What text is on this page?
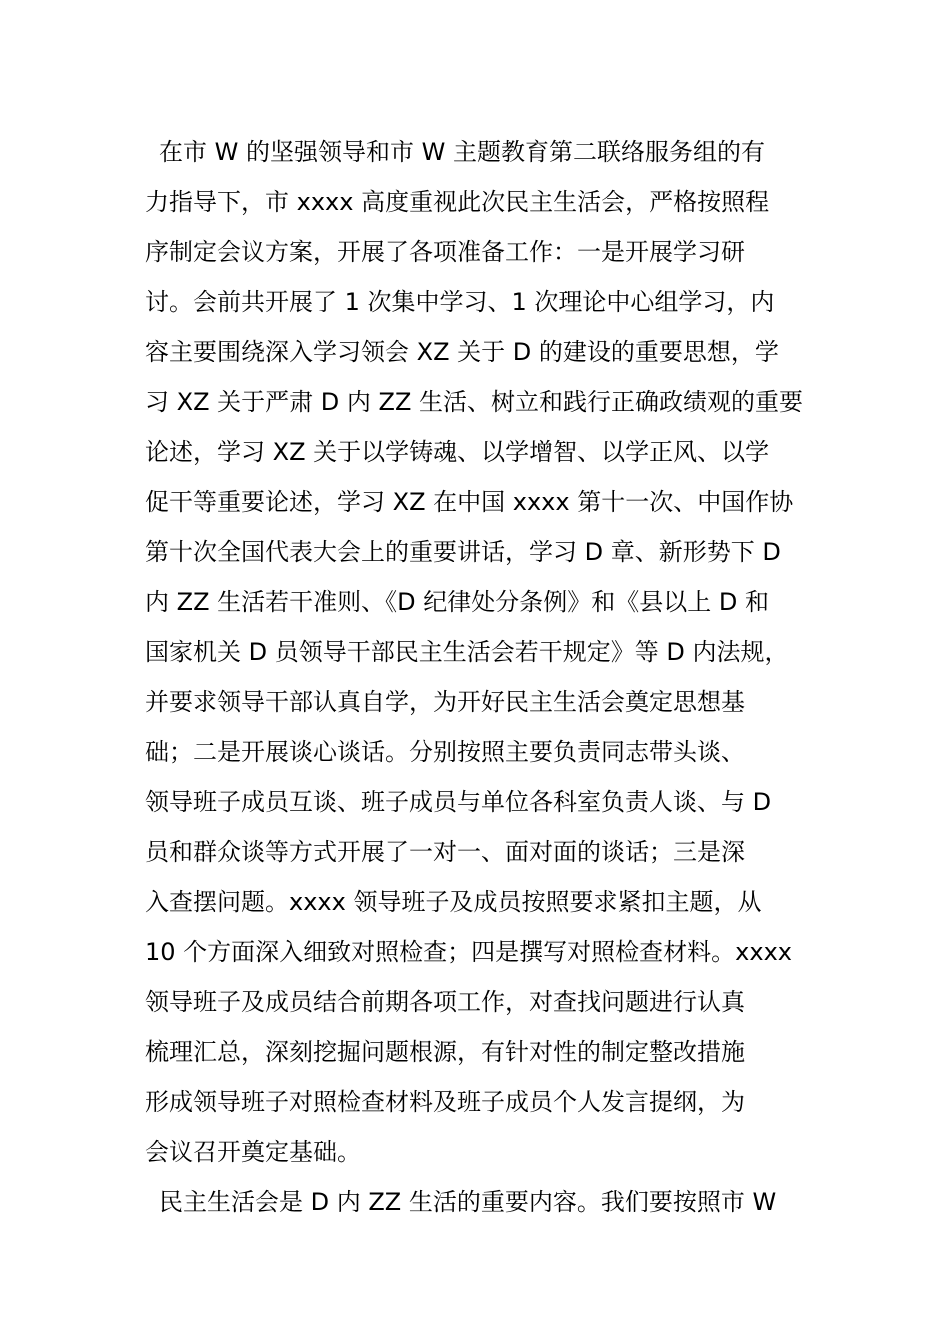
在市 W 的坚强领导和市 W 主题教育第二联络服务组的有
力指导下，市 xxxx 高度重视此次民主生活会，严格按照程
序制定会议方案，开展了各项准备工作：一是开展学习研
讨。会前共开展了 1 次集中学习、1 次理论中心组学习，内
容主要围绕深入学习领会 XZ 关于 D 的建设的重要思想，学
习 XZ 关于严肃 D 内 ZZ 生活、树立和践行正确政绩观的重要
论述，学习 XZ 关于以学铸魂、以学增智、以学正风、以学
促干等重要论述，学习 XZ 在中国 xxxx 第十一次、中国作协
第十次全国代表大会上的重要讲话，学习 D 章、新形势下 D
内 ZZ 生活若干准则、《D 纪律处分条例》和《县以上 D 和
国家机关 D 员领导干部民主生活会若干规定》等 D 内法规，
并要求领导干部认真自学，为开好民主生活会奠定思想基
础；二是开展谈心谈话。分别按照主要负责同志带头谈、
领导班子成员互谈、班子成员与单位各科室负责人谈、与 D
员和群众谈等方式开展了一对一、面对面的谈话；三是深
入查摆问题。xxxx 领导班子及成员按照要求紧扣主题，从
10 个方面深入细致对照检查；四是撰写对照检查材料。xxxx
领导班子及成员结合前期各项工作，对查找问题进行认真
梳理汇总，深刻挖掘问题根源，有针对性的制定整改措施
形成领导班子对照检查材料及班子成员个人发言提纲，为
会议召开奠定基础。
民主生活会是 D 内 ZZ 生活的重要内容。我们要按照市 W
